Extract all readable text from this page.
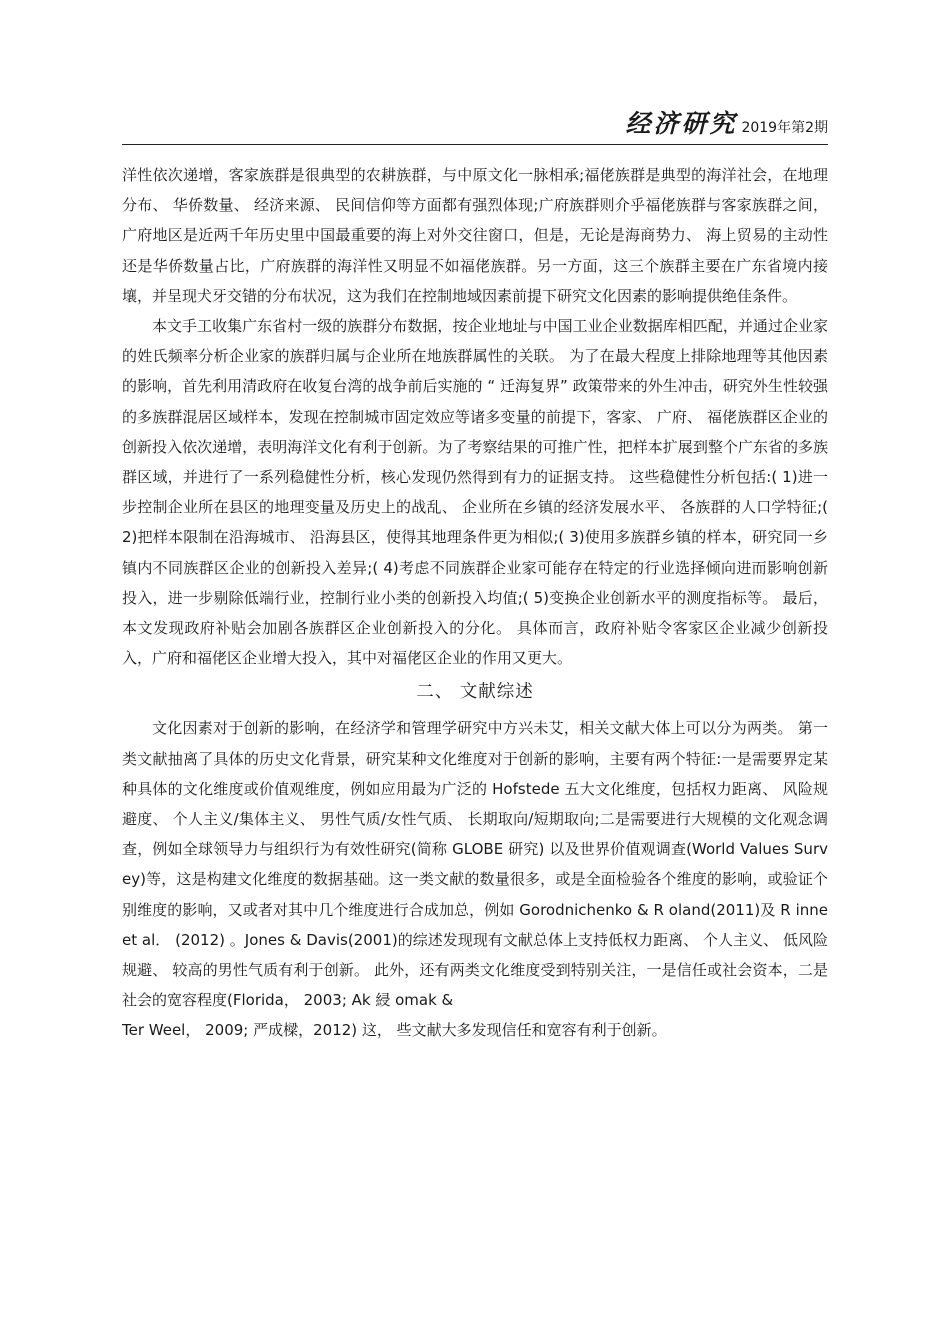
经济研究 2019年第2期

洋性依次递增，客家族群是很典型的农耕族群，与中原文化一脉相承;福佬族群是典型的海洋社会，在地理分布、 华侨数量、 经济来源、 民间信仰等方面都有强烈体现;广府族群则介乎福佬族群与客家族群之间，广府地区是近两千年历史里中国最重要的海上对外交往窗口，但是，无论是海商势力、 海上贸易的主动性还是华侨数量占比，广府族群的海洋性又明显不如福佬族群。另一方面，这三个族群主要在广东省境内接壤，并呈现犬牙交错的分布状况，这为我们在控制地域因素前提下研究文化因素的影响提供绝佳条件。

本文手工收集广东省村一级的族群分布数据，按企业地址与中国工业企业数据库相匹配，并通过企业家的姓氏频率分析企业家的族群归属与企业所在地族群属性的关联。 为了在最大程度上排除地理等其他因素的影响，首先利用清政府在收复台湾的战争前后实施的 “ 迁海复界” 政策带来的外生冲击，研究外生性较强的多族群混居区域样本，发现在控制城市固定效应等诸多变量的前提下，客家、 广府、 福佬族群区企业的创新投入依次递增，表明海洋文化有利于创新。为了考察结果的可推广性，把样本扩展到整个广东省的多族群区域，并进行了一系列稳健性分析，核心发现仍然得到有力的证据支持。 这些稳健性分析包括:( 1)进一步控制企业所在县区的地理变量及历史上的战乱、 企业所在乡镇的经济发展水平、 各族群的人口学特征;( 2)把样本限制在沿海城市、 沿海县区，使得其地理条件更为相似;( 3)使用多族群乡镇的样本，研究同一乡镇内不同族群区企业的创新投入差异;( 4)考虑不同族群企业家可能存在特定的行业选择倾向进而影响创新投入，进一步剔除低端行业，控制行业小类的创新投入均值;( 5)变换企业创新水平的测度指标等。 最后，本文发现政府补贴会加剧各族群区企业创新投入的分化。 具体而言，政府补贴令客家区企业减少创新投入，广府和福佬区企业增大投入，其中对福佬区企业的作用又更大。

二、 文献综述

文化因素对于创新的影响，在经济学和管理学研究中方兴未艾，相关文献大体上可以分为两类。 第一类文献抽离了具体的历史文化背景，研究某种文化维度对于创新的影响，主要有两个特征:一是需要界定某种具体的文化维度或价值观维度，例如应用最为广泛的 Hofstede 五大文化维度，包括权力距离、 风险规避度、 个人主义/集体主义、 男性气质/女性气质、 长期取向/短期取向;二是需要进行大规模的文化观念调查，例如全球领导力与组织行为有效性研究(简称 GLOBE 研究) 以及世界价值观调查(World Values Survey)等，这是构建文化维度的数据基础。这一类文献的数量很多，或是全面检验各个维度的影响，或验证个别维度的影响，又或者对其中几个维度进行合成加总，例如 Gorodnichenko & R oland(2011)及 R inne et al． (2012) 。Jones & Davis(2001)的综述发现现有文献总体上支持低权力距离、 个人主义、 低风险规避、 较高的男性气质有利于创新。 此外，还有两类文化维度受到特别关注，一是信任或社会资本，二是社会的宽容程度(Florida， 2003; Ak 綅 omak &

Ter Weel， 2009; 严成樑，2012) 这， 些文献大多发现信任和宽容有利于创新。
